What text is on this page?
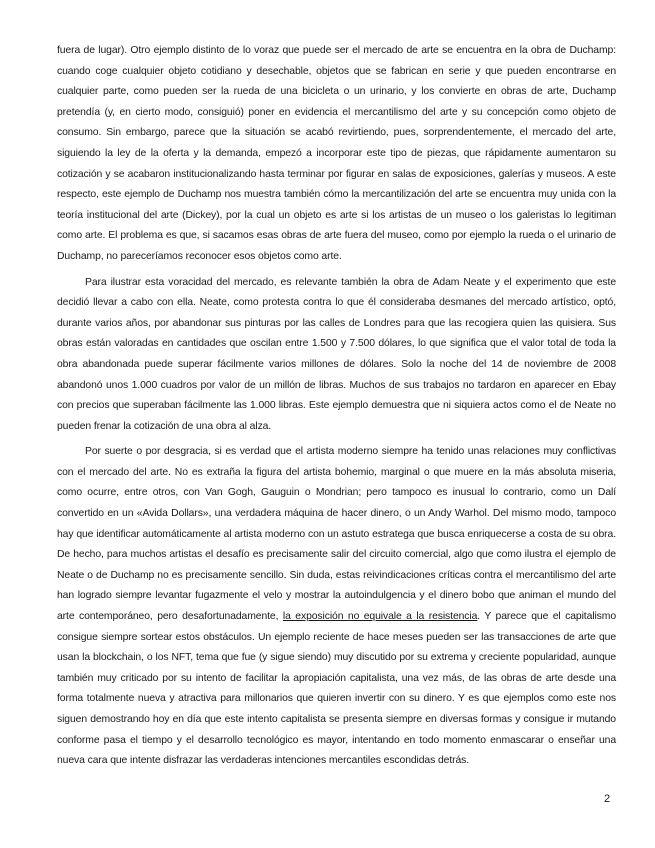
fuera de lugar). Otro ejemplo distinto de lo voraz que puede ser el mercado de arte se encuentra en la obra de Duchamp: cuando coge cualquier objeto cotidiano y desechable, objetos que se fabrican en serie y que pueden encontrarse en cualquier parte, como pueden ser la rueda de una bicicleta o un urinario, y los convierte en obras de arte, Duchamp pretendía (y, en cierto modo, consiguió) poner en evidencia el mercantilismo del arte y su concepción como objeto de consumo. Sin embargo, parece que la situación se acabó revirtiendo, pues, sorprendentemente, el mercado del arte, siguiendo la ley de la oferta y la demanda, empezó a incorporar este tipo de piezas, que rápidamente aumentaron su cotización y se acabaron institucionalizando hasta terminar por figurar en salas de exposiciones, galerías y museos. A este respecto, este ejemplo de Duchamp nos muestra también cómo la mercantilización del arte se encuentra muy unida con la teoría institucional del arte (Dickey), por la cual un objeto es arte si los artistas de un museo o los galeristas lo legitiman como arte. El problema es que, si sacamos esas obras de arte fuera del museo, como por ejemplo la rueda o el urinario de Duchamp, no pareceríamos reconocer esos objetos como arte.

Para ilustrar esta voracidad del mercado, es relevante también la obra de Adam Neate y el experimento que este decidió llevar a cabo con ella. Neate, como protesta contra lo que él consideraba desmanes del mercado artístico, optó, durante varios años, por abandonar sus pinturas por las calles de Londres para que las recogiera quien las quisiera. Sus obras están valoradas en cantidades que oscilan entre 1.500 y 7.500 dólares, lo que significa que el valor total de toda la obra abandonada puede superar fácilmente varios millones de dólares. Solo la noche del 14 de noviembre de 2008 abandonó unos 1.000 cuadros por valor de un millón de libras. Muchos de sus trabajos no tardaron en aparecer en Ebay con precios que superaban fácilmente las 1.000 libras. Este ejemplo demuestra que ni siquiera actos como el de Neate no pueden frenar la cotización de una obra al alza.

Por suerte o por desgracia, si es verdad que el artista moderno siempre ha tenido unas relaciones muy conflictivas con el mercado del arte. No es extraña la figura del artista bohemio, marginal o que muere en la más absoluta miseria, como ocurre, entre otros, con Van Gogh, Gauguin o Mondrian; pero tampoco es inusual lo contrario, como un Dalí convertido en un «Avida Dollars», una verdadera máquina de hacer dinero, o un Andy Warhol. Del mismo modo, tampoco hay que identificar automáticamente al artista moderno con un astuto estratega que busca enriquecerse a costa de su obra. De hecho, para muchos artistas el desafío es precisamente salir del circuito comercial, algo que como ilustra el ejemplo de Neate o de Duchamp no es precisamente sencillo. Sin duda, estas reivindicaciones críticas contra el mercantilismo del arte han logrado siempre levantar fugazmente el velo y mostrar la autoindulgencia y el dinero bobo que animan el mundo del arte contemporáneo, pero desafortunadamente, la exposición no equivale a la resistencia. Y parece que el capitalismo consigue siempre sortear estos obstáculos. Un ejemplo reciente de hace meses pueden ser las transacciones de arte que usan la blockchain, o los NFT, tema que fue (y sigue siendo) muy discutido por su extrema y creciente popularidad, aunque también muy criticado por su intento de facilitar la apropiación capitalista, una vez más, de las obras de arte desde una forma totalmente nueva y atractiva para millonarios que quieren invertir con su dinero. Y es que ejemplos como este nos siguen demostrando hoy en día que este intento capitalista se presenta siempre en diversas formas y consigue ir mutando conforme pasa el tiempo y el desarrollo tecnológico es mayor, intentando en todo momento enmascarar o enseñar una nueva cara que intente disfrazar las verdaderas intenciones mercantiles escondidas detrás.

2
